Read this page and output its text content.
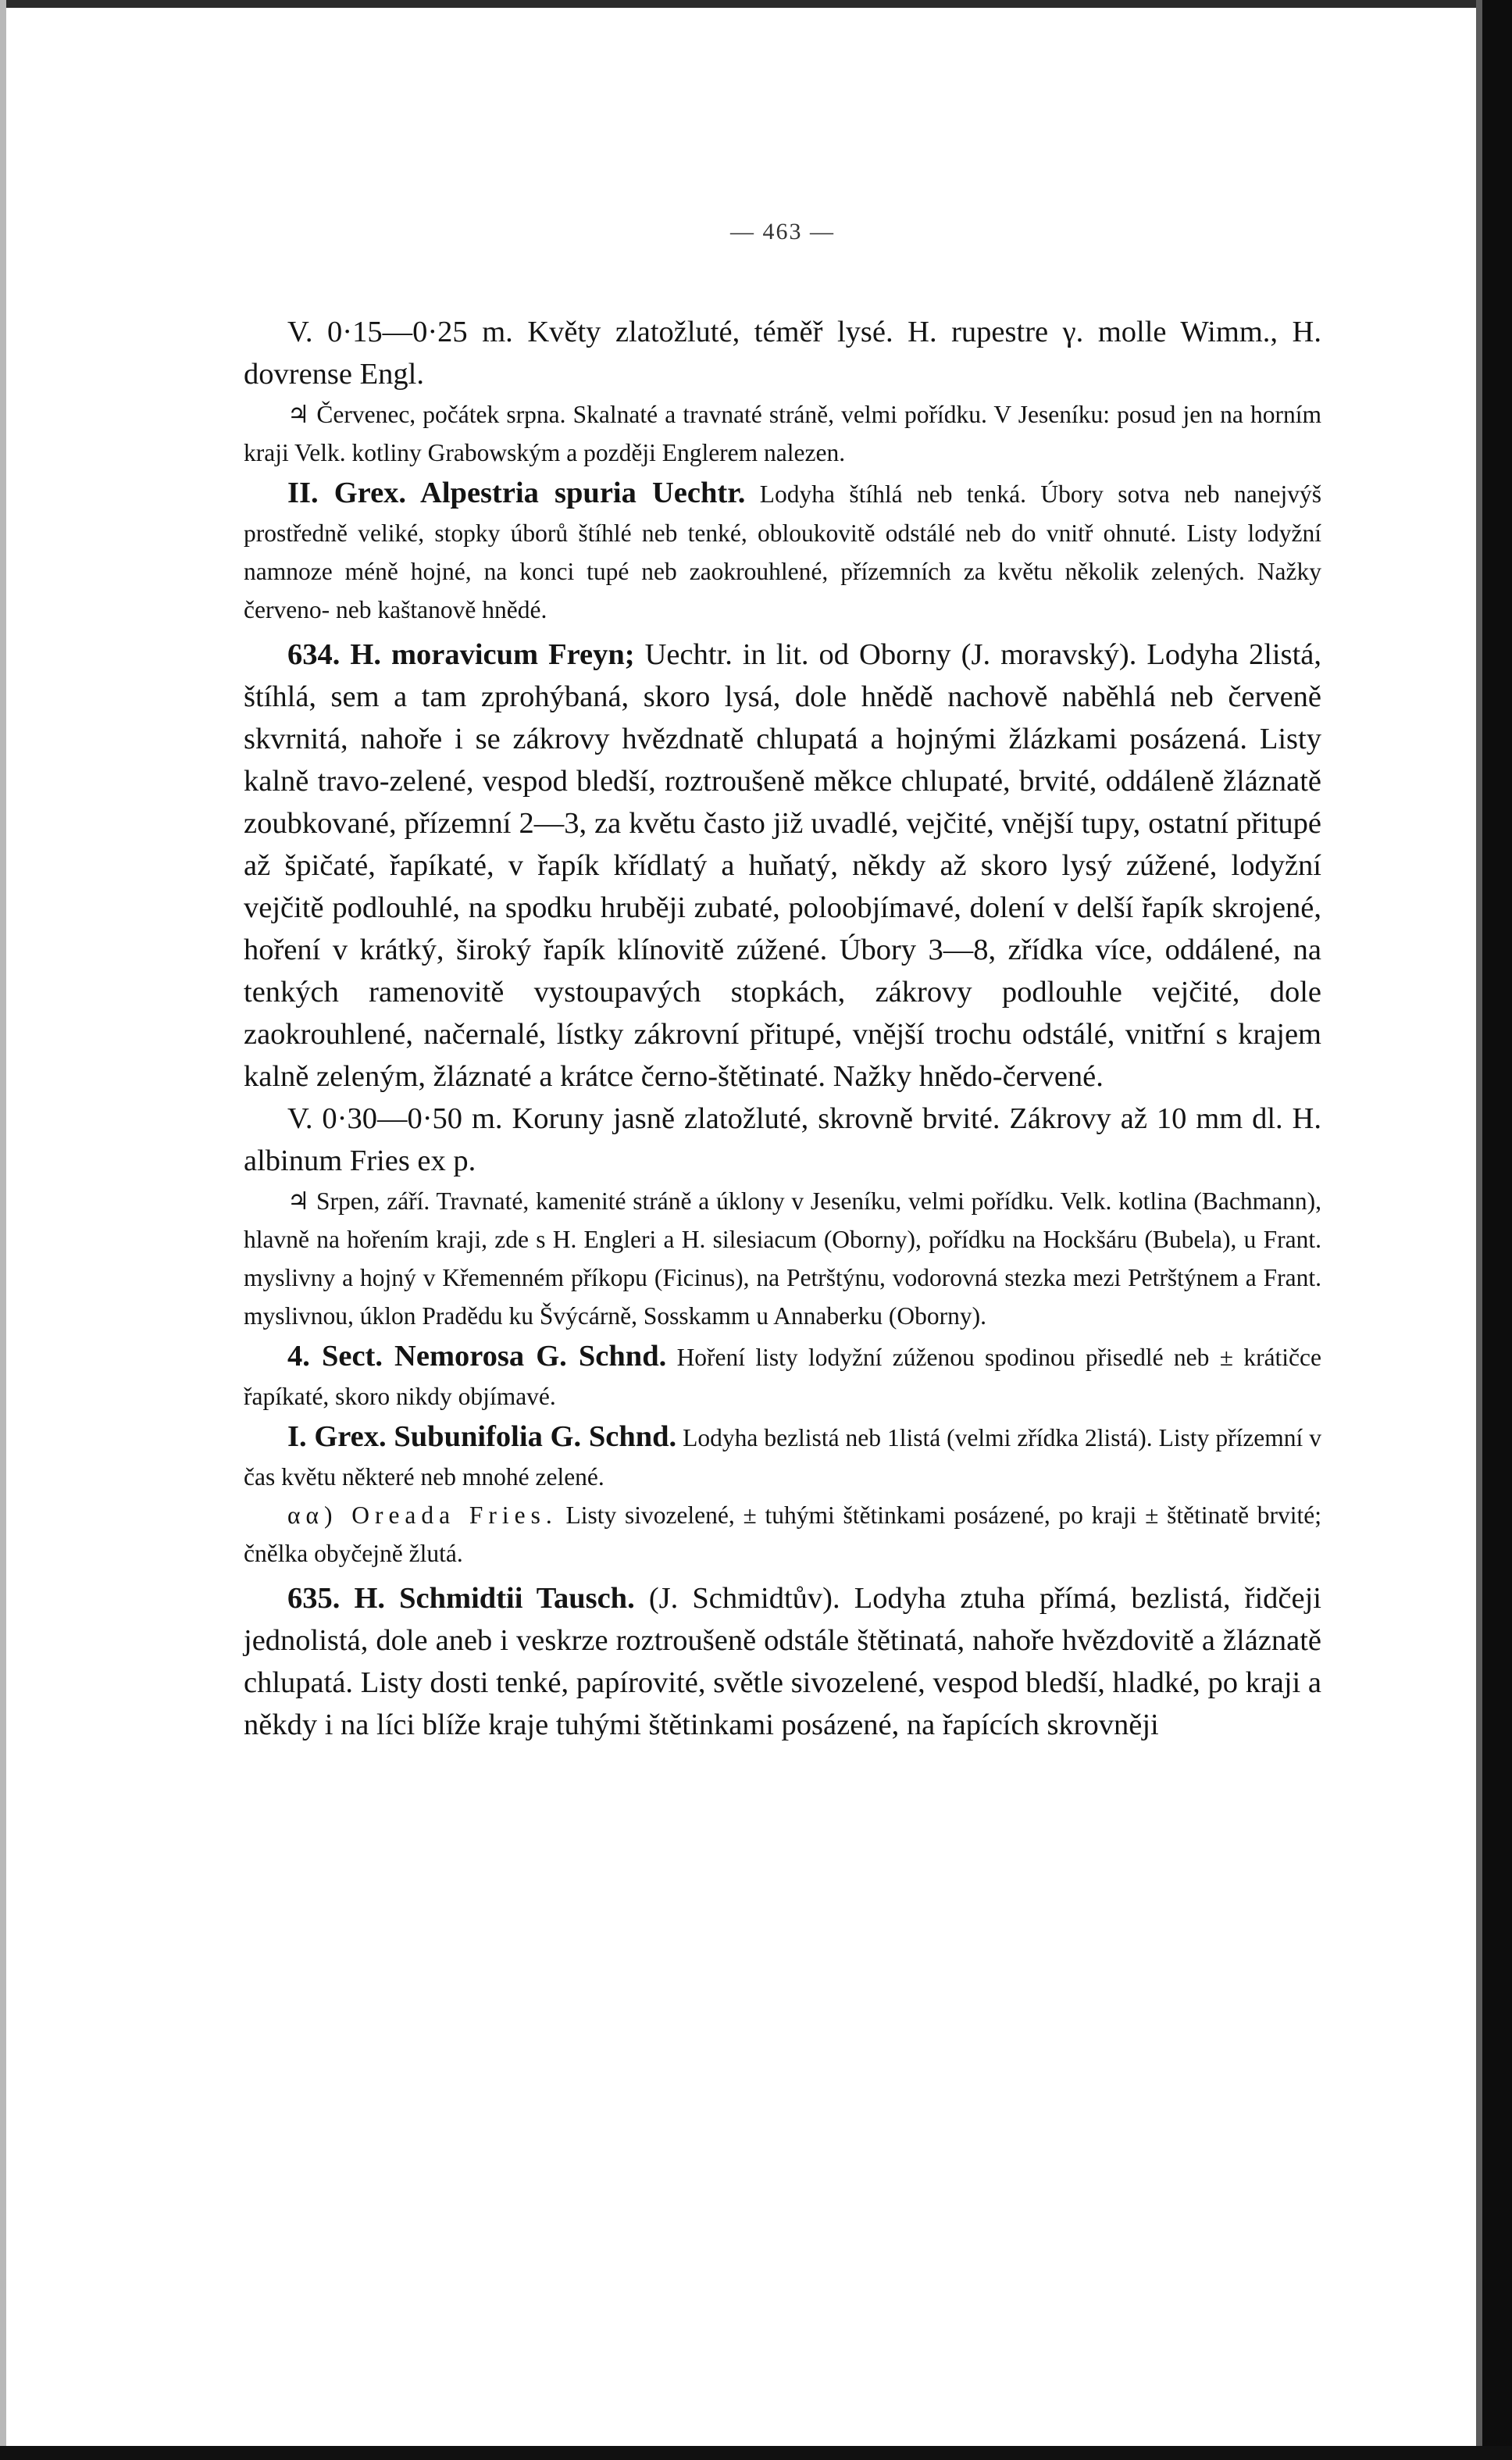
— 463 —

V. 0·15—0·25 m. Květy zlatožluté, téměř lysé. H. rupestre γ. molle Wimm., H. dovrense Engl.

♃ Červenec, počátek srpna. Skalnaté a travnaté stráně, velmi pořídku. V Jeseníku: posud jen na horním kraji Velk. kotliny Grabowským a později Englerem nalezen.

II. Grex. Alpestria spuria Uechtr. Lodyha štíhlá neb tenká. Úbory sotva neb nanejvýš prostředně veliké, stopky úborů štíhlé neb tenké, obloukovitě odstálé neb do vnitř ohnuté. Listy lodyžní namnoze méně hojné, na konci tupé neb zaokrouhlené, přízemních za květu několik zelených. Nažky červeno- neb kaštanově hnědé.

634. H. moravicum Freyn; Uechtr. in lit. od Oborny (J. moravský). Lodyha 2listá, štíhlá, sem a tam zprohýbaná, skoro lysá, dole hnědě nachově naběhlá neb červeně skvrnitá, nahoře i se zákrovy hvězdnatě chlupatá a hojnými žlázkami posázená. Listy kalně travo-zelené, vespod bledší, roztroušeně měkce chlupaté, brvité, oddáleně žláznatě zoubkované, přízemní 2—3, za květu často již uvadlé, vejčité, vnější tupy, ostatní přitupé až špičaté, řapíkaté, v řapík křídlatý a huňatý, někdy až skoro lysý zúžené, lodyžní vejčitě podlouhlé, na spodku hruběji zubaté, poloobjímavé, dolení v delší řapík skrojené, hoření v krátký, široký řapík klínovitě zúžené. Úbory 3—8, zřídka více, oddálené, na tenkých ramenovitě vystoupavých stopkách, zákrovy podlouhle vejčité, dole zaokrouhlené, načernalé, lístky zákrovní přitupé, vnější trochu odstálé, vnitřní s krajem kalně zeleným, žláznaté a krátce černo-štětinaté. Nažky hnědo-červené.

V. 0·30—0·50 m. Koruny jasně zlatožluté, skrovně brvité. Zákrovy až 10 mm dl. H. albinum Fries ex p.

♃ Srpen, září. Travnaté, kamenité stráně a úklony v Jeseníku, velmi pořídku. Velk. kotlina (Bachmann), hlavně na hořením kraji, zde s H. Engleri a H. silesiacum (Oborny), pořídku na Hockšáru (Bubela), u Frant. myslivny a hojný v Křemenném příkopu (Ficinus), na Petrštýnu, vodorovná stezka mezi Petrštýnem a Frant. myslivnou, úklon Pradědu ku Švýcárně, Sosskamm u Annaberku (Oborny).

4. Sect. Nemorosa G. Schnd. Hoření listy lodyžní zúženou spodinou přisedlé neb ± krátičce řapíkaté, skoro nikdy objímavé.

I. Grex. Subunifolia G. Schnd. Lodyha bezlistá neb 1listá (velmi zřídka 2listá). Listy přízemní v čas květu některé neb mnohé zelené.

αα) Oreada Fries. Listy sivozelené, ± tuhými štětinkami posázené, po kraji ± štětinatě brvité; čnělka obyčejně žlutá.

635. H. Schmidtii Tausch. (J. Schmidtův). Lodyha ztuha přímá, bezlistá, řidčeji jednolistá, dole aneb i veskrze roztroušeně odstále štětinatá, nahoře hvězdovitě a žláznatě chlupatá. Listy dosti tenké, papírovité, světle sivozelené, vespod bledší, hladké, po kraji a někdy i na líci blíže kraje tuhými štětinkami posázené, na řapících skrovněji
